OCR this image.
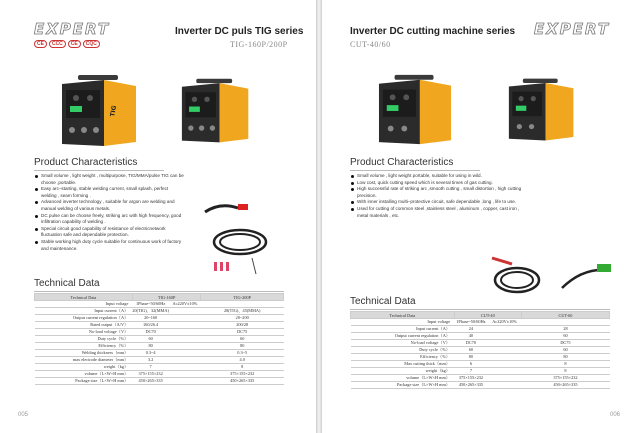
EXPERT
CE	CCC	CE	CQC
Inverter DC puls TIG series
TIG-160P/200P
TIG
Product Characteristics
Small volume , light weight , multipurpose, TIG/MMA/pulse TIG can be choose ,portable.
Easy arc–starting, stable welding current, small splash, perfect welding , seam forming .
Advanced inverter technology , suitable for argon are welding and manual welding of various metals.
DC pulse can be choose freely, striking arc with high frequency, good infiltration capability of welding .
Special circuit good capability of resistance of electricnetwork fluctuation safe and dependable protection.
Stable working high duty cycle suitable for continuous work of factory and maintenance.
Technical Data
Technical Data	TIG-160P		TIG-200P
Input voltage	1Phase~50/60Hz	Ac220V±10%	
Input current（A）	20(TIG)、32(MMA)		28(TIG)、45(MMA)
Output current regulation（A）	20~160		20~200
Rated output（A/V）	160/26.4		200/28
No-load voltage（V）	DC70		DC75
Duty cycle（%）	60		60
Efficiency（%）	80		80
Welding thickness（mm）	0.3~4		0.3~5
max electrode diameter（mm）	3.2		4.0
weight（kg）	7		8
volume（L×W×H mm）	375×155×232		375×155×232
Package size（L×W×H mm）	450×265×335		450×265×335
005
EXPERT
Inverter DC cutting machine series
CUT-40/60
Product Characteristics
Small volume , light weight portable, suitable for using in wild.
Low cost, quick cutting speed which is several times of gas cutting.
High successful rate of striking arc ,smooth cutting , small distortion , high cutting precision.
With inner installing multi–protective circuit, safe dependable ,long , life to use.
Used for cutting of common steel ,stainless steel , aluminum , copper, cast iron , metal materials , etc.
Technical Data
Technical Data	CUT-40		CUT-60
Input voltage	1Phase~50/60Hz	Ac220V±10%	
Input current（A）	24		28
Output current regulation（A）	40		60
No-load voltage（V）	DC70		DC75
Duty cycle（%）	60		60
Efficiency（%）	80		80
Max cutting thick（mm）	6		8
weight（kg）	7		8
volume（L×W×H mm）	375×155×232		375×155×232
Package size（L×W×H mm）	450×265×335		450×265×335
006
